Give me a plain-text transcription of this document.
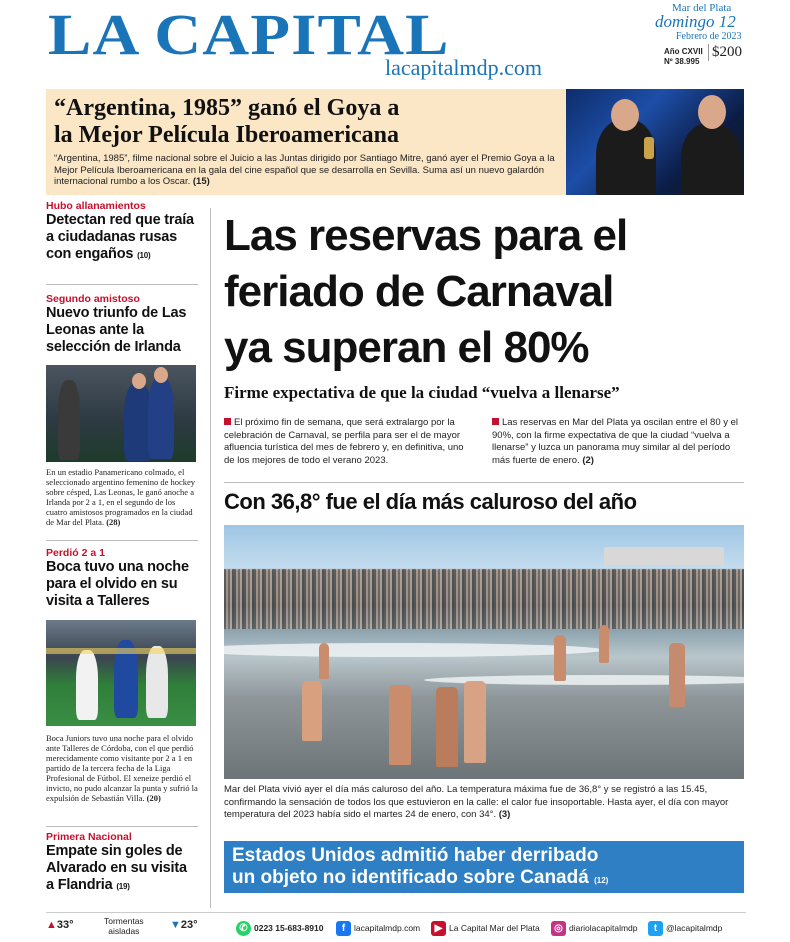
LA CAPITAL
lacapitalmdp.com
Mar del Plata
domingo 12
Febrero de 2023
Año CXVII
Nº 38.995
$200
“Argentina, 1985” ganó el Goya a
la Mejor Película Iberoamericana

“Argentina, 1985”, filme nacional sobre el Juicio a las Juntas dirigido por Santiago Mitre, ganó ayer el Premio Goya a la Mejor Película Iberoamericana en la gala del cine español que se desarrolla en Sevilla. Suma así un nuevo galardón internacional rumbo a los Oscar. (15)

Hubo allanamientos
Detectan red que traía a ciudadanas rusas con engaños (10)
Segundo amistoso
Nuevo triunfo de Las Leonas ante la selección de Irlanda
En un estadio Panamericano colmado, el seleccionado argentino femenino de hockey sobre césped, Las Leonas, le ganó anoche a Irlanda por 2 a 1, en el segundo de los cuatro amistosos programados en la ciudad de Mar del Plata. (28)
Perdió 2 a 1
Boca tuvo una noche para el olvido en su visita a Talleres
Boca Juniors tuvo una noche para el olvido ante Talleres de Córdoba, con el que perdió merecidamente como visitante por 2 a 1 en partido de la tercera fecha de la Liga Profesional de Fútbol. El xeneize perdió el invicto, no pudo alcanzar la punta y sufrió la expulsión de Sebastián Villa. (20)
Primera Nacional
Empate sin goles de Alvarado en su visita a Flandria (19)
Las reservas para el
feriado de Carnaval
ya superan el 80%
Firme expectativa de que la ciudad “vuelva a llenarse”
El próximo fin de semana, que será extralargo por la celebración de Carnaval, se perfila para ser el de mayor afluencia turística del mes de febrero y, en definitiva, uno de los mejores de todo el verano 2023.
Las reservas en Mar del Plata ya oscilan entre el 80 y el 90%, con la firme expectativa de que la ciudad “vuelva a llenarse” y luzca un panorama muy similar al del período más fuerte de enero. (2)
Con 36,8° fue el día más caluroso del año
Mar del Plata vivió ayer el día más caluroso del año. La temperatura máxima fue de 36,8° y se registró a las 15.45, confirmando la sensación de todos los que estuvieron en la calle: el calor fue insoportable. Hasta ayer, el día con mayor temperatura del 2023 había sido el martes 24 de enero, con 34°. (3)

Estados Unidos admitió haber derribado
un objeto no identificado sobre Canadá (12)

▲33°	Tormentas
aisladas	▼23°	✆ 0223 15-683-8910	f lacapitalmdp.com	▶ La Capital Mar del Plata	◎ diariolacapitalmdp	t @lacapitalmdp
